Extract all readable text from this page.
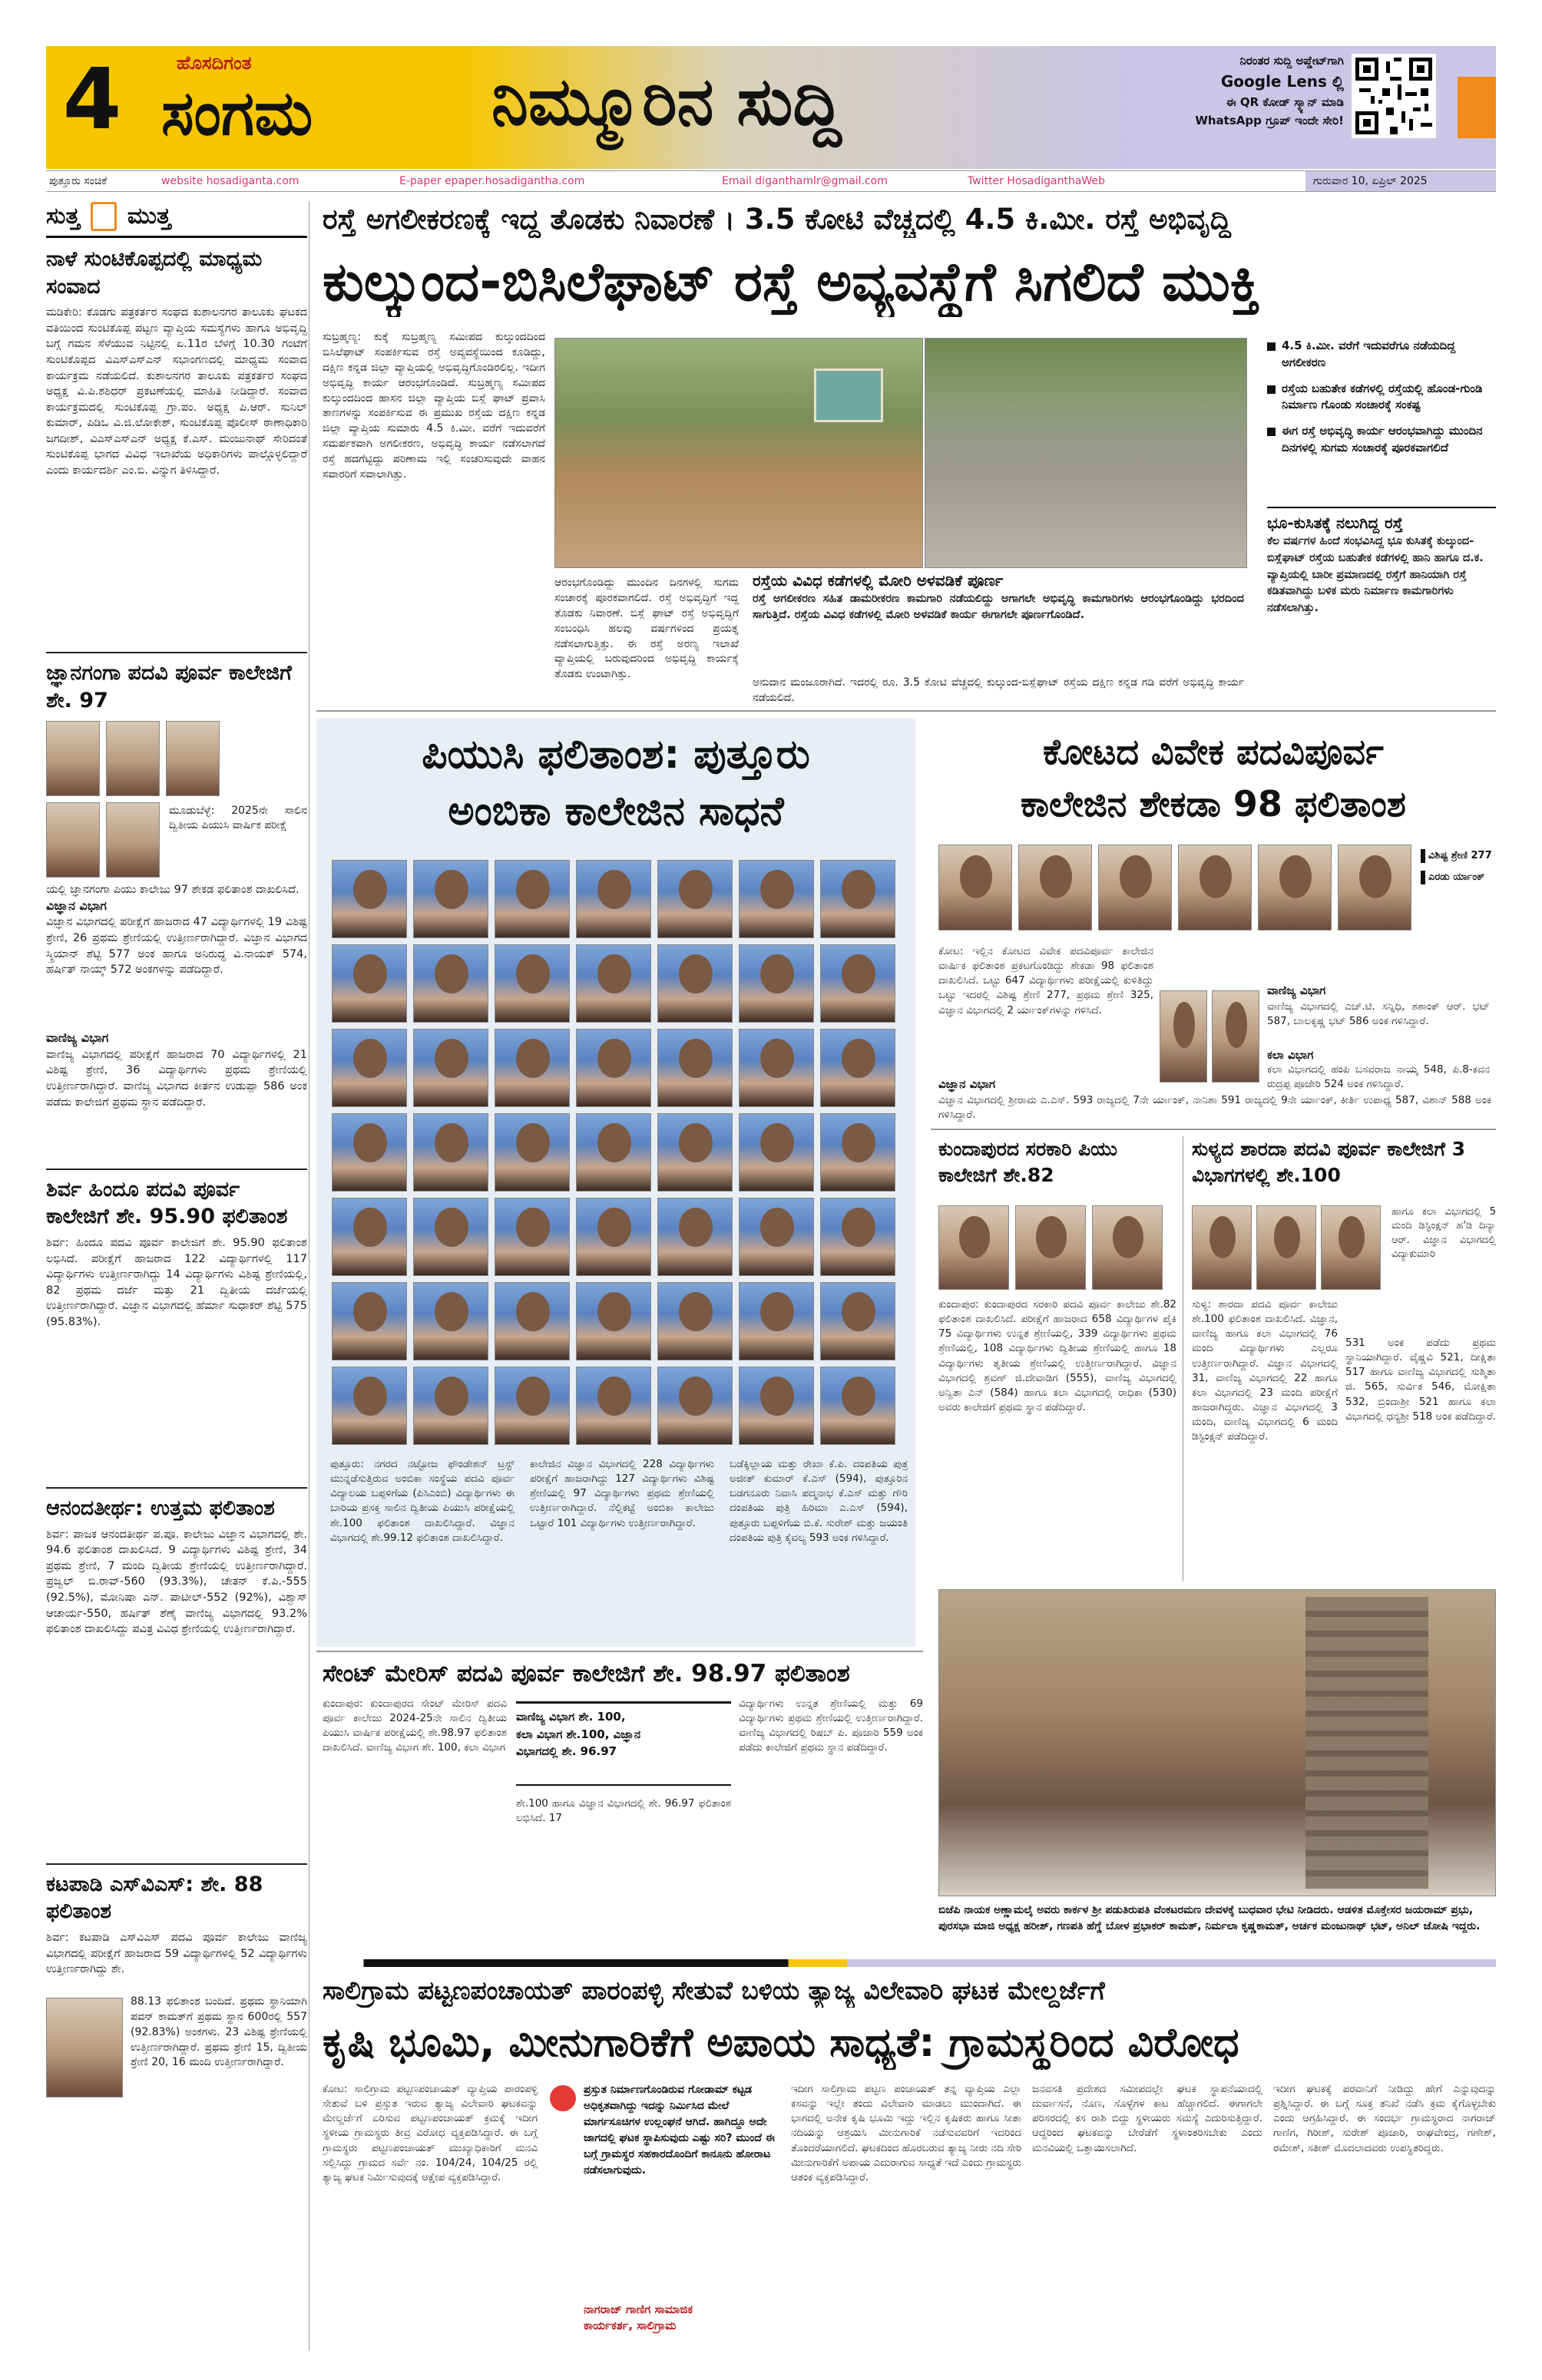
4	ಹೊಸದಿಗಂತ
ಸಂಗಮ	ನಿಮ್ಮೂರಿನ ಸುದ್ದಿ
ನಿರಂತರ ಸುದ್ದಿ ಅಪ್ಡೇಟ್‌ಗಾಗಿ
Google Lens ಲ್ಲಿ
ಈ QR ಕೋಡ್ ಸ್ಕ್ಯಾನ್ ಮಾಡಿ
WhatsApp ಗ್ರೂಪ್ ಇಂದೇ ಸೇರಿ!
ಪುತ್ತೂರು ಸಂಚಿಕೆ	website hosadiganta.com	E-paper epaper.hosadigantha.com	Email diganthamlr@gmail.com	Twitter HosadiganthaWeb	ಗುರುವಾರ 10, ಏಪ್ರಿಲ್ 2025
ಸುತ್ತ ಮುತ್ತ
ನಾಳೆ ಸುಂಟಿಕೊಪ್ಪದಲ್ಲಿ ಮಾಧ್ಯಮ ಸಂವಾದ
ಮಡಿಕೇರಿ: ಕೊಡಗು ಪತ್ರಕರ್ತರ ಸಂಘದ ಕುಶಾಲನಗರ ತಾಲೂಕು ಘಟಕದ ವತಿಯಿಂದ ಸುಂಟಿಕೊಪ್ಪ ಪಟ್ಟಣ ವ್ಯಾಪ್ತಿಯ ಸಮಸ್ಯೆಗಳು ಹಾಗೂ ಅಭಿವೃದ್ಧಿ ಬಗ್ಗೆ ಗಮನ ಸೆಳೆಯುವ ನಿಟ್ಟಿನಲ್ಲಿ ಏ.11ರ ಬೆಳಗ್ಗೆ 10.30 ಗಂಟೆಗೆ ಸುಂಟಿಕೊಪ್ಪದ ವಿಎಸ್‌ಎಸ್‌ಎನ್ ಸಭಾಂಗಣದಲ್ಲಿ ಮಾಧ್ಯಮ ಸಂವಾದ ಕಾರ್ಯಕ್ರಮ ನಡೆಯಲಿದೆ. ಕುಶಾಲನಗರ ತಾಲೂಕು ಪತ್ರಕರ್ತರ ಸಂಘದ ಅಧ್ಯಕ್ಷ ವಿ.ಪಿ.ಶಶಿಧರ್ ಪ್ರಕಟಣೆಯಲ್ಲಿ ಮಾಹಿತಿ ನೀಡಿದ್ದಾರೆ. ಸಂವಾದ ಕಾರ್ಯಕ್ರಮದಲ್ಲಿ ಸುಂಟಿಕೊಪ್ಪ ಗ್ರಾ.ಪಂ. ಅಧ್ಯಕ್ಷ ಪಿ.ಆರ್. ಸುನಿಲ್ ಕುಮಾರ್, ಪಿಡಿಒ ವಿ.ಜಿ.ಲೋಕೇಶ್, ಸುಂಟಿಕೊಪ್ಪ ಪೊಲೀಸ್ ಠಾಣಾಧಿಕಾರಿ ಜಗದೀಶ್, ವಿಎಸ್‌ಎಸ್‌ಎನ್ ಅಧ್ಯಕ್ಷ ಕೆ.ಎಸ್. ಮಂಜುನಾಥ್ ಸೇರಿದಂತೆ ಸುಂಟಿಕೊಪ್ಪ ಭಾಗದ ವಿವಿಧ ಇಲಾಖೆಯ ಅಧಿಕಾರಿಗಳು ಪಾಲ್ಗೊಳ್ಳಲಿದ್ದಾರೆ ಎಂದು ಕಾರ್ಯದರ್ಶಿ ಎಂ.ಬಿ. ವಿನ್ನುಗ ತಿಳಿಸಿದ್ದಾರೆ.
ಜ್ಞಾನಗಂಗಾ ಪದವಿ ಪೂರ್ವ ಕಾಲೇಜಿಗೆ ಶೇ. 97
ಮೂಡುಬೆಳ್ಳೆ: 2025ನೇ ಸಾಲಿನ ದ್ವಿತೀಯ ಪಿಯುಸಿ ವಾರ್ಷಿಕ ಪರೀಕ್ಷೆ
ಯಲ್ಲಿ ಜ್ಞಾನಗಂಗಾ ಪಿಯು ಕಾಲೇಜು 97 ಶೇಕಡ ಫಲಿತಾಂಶ ದಾಖಲಿಸಿದೆ.
ವಿಜ್ಞಾನ ವಿಭಾಗ
ವಿಜ್ಞಾನ ವಿಭಾಗದಲ್ಲಿ ಪರೀಕ್ಷೆಗೆ ಹಾಜರಾದ 47 ವಿದ್ಯಾರ್ಥಿಗಳಲ್ಲಿ 19 ವಿಶಿಷ್ಟ ಶ್ರೇಣಿ, 26 ಪ್ರಥಮ ಶ್ರೇಣಿಯಲ್ಲಿ ಉತ್ತೀರ್ಣರಾಗಿದ್ದಾರೆ. ವಿಜ್ಞಾನ ವಿಭಾಗದ ಸ್ಕ್ರಿಯಾನ್ ಶೆಟ್ಟಿ 577 ಅಂಕ ಹಾಗೂ ಅನಿರುದ್ಧ ವಿ.ನಾಯಕ್ 574, ಹರ್ಷಿತ್ ನಾಯ್ಕ್ 572 ಅಂಕಗಳನ್ನು ಪಡೆದಿದ್ದಾರೆ.
ವಾಣಿಜ್ಯ ವಿಭಾಗ
ವಾಣಿಜ್ಯ ವಿಭಾಗದಲ್ಲಿ ಪರೀಕ್ಷೆಗೆ ಹಾಜರಾದ 70 ವಿದ್ಯಾರ್ಥಿಗಳಲ್ಲಿ 21 ವಿಶಿಷ್ಟ ಶ್ರೇಣಿ, 36 ವಿದ್ಯಾರ್ಥಿಗಳು ಪ್ರಥಮ ಶ್ರೇಣಿಯಲ್ಲಿ ಉತ್ತೀರ್ಣರಾಗಿದ್ದಾರೆ. ವಾಣಿಜ್ಯ ವಿಭಾಗದ ಕೀರ್ತನ ಉಡುಪ್ಪಾ 586 ಅಂಕ ಪಡೆದು ಕಾಲೇಜಿಗೆ ಪ್ರಥಮ ಸ್ಥಾನ ಪಡೆದಿದ್ದಾರೆ.
ಶಿರ್ವ ಹಿಂದೂ ಪದವಿ ಪೂರ್ವ ಕಾಲೇಜಿಗೆ ಶೇ. 95.90 ಫಲಿತಾಂಶ
ಶಿರ್ವ: ಹಿಂದೂ ಪದವಿ ಪೂರ್ವ ಕಾಲೇಜಿಗೆ ಶೇ. 95.90 ಫಲಿತಾಂಶ ಲಭಿಸಿದೆ. ಪರೀಕ್ಷೆಗೆ ಹಾಜರಾದ 122 ವಿದ್ಯಾರ್ಥಿಗಳಲ್ಲಿ 117 ವಿದ್ಯಾರ್ಥಿಗಳು ಉತ್ತೀರ್ಣರಾಗಿದ್ದು 14 ವಿದ್ಯಾರ್ಥಿಗಳು ವಿಶಿಷ್ಟ ಶ್ರೇಣಿಯಲ್ಲಿ, 82 ಪ್ರಥಮ ದರ್ಜೆ ಮತ್ತು 21 ದ್ವಿತೀಯ ದರ್ಜೆಯಲ್ಲಿ ಉತ್ತೀರ್ಣರಾಗಿದ್ದಾರೆ. ವಿಜ್ಞಾನ ವಿಭಾಗದಲ್ಲಿ ಹೆರ್ಮಾ ಸುಧಾಕರ್ ಶೆಟ್ಟಿ 575 (95.83%).
ಆನಂದತೀರ್ಥ: ಉತ್ತಮ ಫಲಿತಾಂಶ
ಶಿರ್ವ: ಪಾಜಕ ಆನಂದತೀರ್ಥ ಪ.ಪೂ. ಕಾಲೇಜು ವಿಜ್ಞಾನ ವಿಭಾಗದಲ್ಲಿ ಶೇ. 94.6 ಫಲಿತಾಂಶ ದಾಖಲಿಸಿದೆ. 9 ವಿದ್ಯಾರ್ಥಿಗಳು ವಿಶಿಷ್ಟ ಶ್ರೇಣಿ, 34 ಪ್ರಥಮ ಶ್ರೇಣಿ, 7 ಮಂದಿ ದ್ವಿತೀಯ ಶ್ರೇಣಿಯಲ್ಲಿ ಉತ್ತೀರ್ಣರಾಗಿದ್ದಾರೆ. ಪ್ರಜ್ವಲ್ ಬಿ.ರಾವ್-560 (93.3%), ಚೇತನ್ ಕೆ.ಪಿ.-555 (92.5%), ಮೋನಿಷಾ ಎನ್. ಪಾಟೀಲ್-552 (92%), ವಿಶ್ವಾಸ್ ಆಚಾರ್ಯ-550, ಹರ್ಷಿತ್ ಶೆಣೈ ವಾಣಿಜ್ಯ ವಿಭಾಗದಲ್ಲಿ 93.2% ಫಲಿತಾಂಶ ದಾಖಲಿಸಿದ್ದು ಪವಿತ್ರ ವಿವಿಧ ಶ್ರೇಣಿಯಲ್ಲಿ ಉತ್ತೀರ್ಣರಾಗಿದ್ದಾರೆ.
ಕಟಪಾಡಿ ಎಸ್‌ವಿಎಸ್: ಶೇ. 88 ಫಲಿತಾಂಶ
ಶಿರ್ವ: ಕಟಪಾಡಿ ಎಸ್‌ವಿಎಸ್ ಪದವಿ ಪೂರ್ವ ಕಾಲೇಜು ವಾಣಿಜ್ಯ ವಿಭಾಗದಲ್ಲಿ ಪರೀಕ್ಷೆಗೆ ಹಾಜರಾದ 59 ವಿದ್ಯಾರ್ಥಿಗಳಲ್ಲಿ 52 ವಿದ್ಯಾರ್ಥಿಗಳು ಉತ್ತೀರ್ಣರಾಗಿದ್ದು ಶೇ.
88.13 ಫಲಿತಾಂಶ ಬಂದಿದೆ. ಪ್ರಥಮ ಸ್ಥಾನಿಯಾಗಿ ಪವನ್ ಕಾಮತ್‌ಗೆ ಪ್ರಥಮ ಸ್ಥಾನ 600ರಲ್ಲಿ 557 (92.83%) ಅಂಕಗಳು. 23 ವಿಶಿಷ್ಟ ಶ್ರೇಣಿಯಲ್ಲಿ ಉತ್ತೀರ್ಣರಾಗಿದ್ದಾರೆ. ಪ್ರಥಮ ಶ್ರೇಣಿ 15, ದ್ವಿತೀಯ ಶ್ರೇಣಿ 20, 16 ಮಂದಿ ಉತ್ತೀರ್ಣರಾಗಿದ್ದಾರೆ.
ರಸ್ತೆ ಅಗಲೀಕರಣಕ್ಕೆ ಇದ್ದ ತೊಡಕು ನಿವಾರಣೆ । 3.5 ಕೋಟಿ ವೆಚ್ಚದಲ್ಲಿ 4.5 ಕಿ.ಮೀ. ರಸ್ತೆ ಅಭಿವೃದ್ಧಿ
ಕುಲ್ಕುಂದ-ಬಿಸಿಲೆಘಾಟ್ ರಸ್ತೆ ಅವ್ಯವಸ್ಥೆಗೆ ಸಿಗಲಿದೆ ಮುಕ್ತಿ
ಸುಬ್ರಹ್ಮಣ್ಯ: ಕುಕ್ಕೆ ಸುಬ್ರಹ್ಮಣ್ಯ ಸಮೀಪದ ಕುಲ್ಕುಂದದಿಂದ ಬಿಸಿಲೆಘಾಟ್ ಸಂಪರ್ಕಿಸುವ ರಸ್ತೆ ಅವ್ಯವಸ್ಥೆಯಿಂದ ಕೂಡಿದ್ದು, ದಕ್ಷಿಣ ಕನ್ನಡ ಜಿಲ್ಲಾ ವ್ಯಾಪ್ತಿಯಲ್ಲಿ ಅಭಿವೃದ್ಧಿಗೊಂಡಿರಲಿಲ್ಲ. ಇದೀಗ ಅಭಿವೃದ್ಧಿ ಕಾರ್ಯ ಆರಂಭಗೊಂಡಿದೆ. ಸುಬ್ರಹ್ಮಣ್ಯ ಸಮೀಪದ ಕುಲ್ಕುಂದದಿಂದ ಹಾಸನ ಜಿಲ್ಲಾ ವ್ಯಾಪ್ತಿಯ ಬಿಸ್ಲೆ ಘಾಟ್ ಪ್ರವಾಸಿ ತಾಣಗಳನ್ನು ಸಂಪರ್ಕಿಸುವ ಈ ಪ್ರಮುಖ ರಸ್ತೆಯ ದಕ್ಷಿಣ ಕನ್ನಡ ಜಿಲ್ಲಾ ವ್ಯಾಪ್ತಿಯ ಸುಮಾರು 4.5 ಕಿ.ಮೀ. ವರೆಗೆ ಇದುವರೆಗೆ ಸಮರ್ಪಕವಾಗಿ ಅಗಲೀಕರಣ, ಅಭಿವೃದ್ಧಿ ಕಾರ್ಯ ನಡೆಸಲಾಗದೆ ರಸ್ತೆ ಹದಗೆಟ್ಟಿದ್ದು ಪರಿಣಾಮ ಇಲ್ಲಿ ಸಂಚರಿಸುವುದೇ ವಾಹನ ಸವಾರರಿಗೆ ಸವಾಲಾಗಿತ್ತು.
ಆರಂಭಗೊಂಡಿದ್ದು ಮುಂದಿನ ದಿನಗಳಲ್ಲಿ ಸುಗಮ ಸಂಚಾರಕ್ಕೆ ಪೂರಕವಾಗಲಿದೆ. ರಸ್ತೆ ಅಭಿವೃದ್ಧಿಗೆ ಇದ್ದ ತೊಡಕು ನಿವಾರಣೆ. ಬಿಸ್ಲೆ ಘಾಟ್ ರಸ್ತೆ ಅಭಿವೃದ್ಧಿಗೆ ಸಂಬಂಧಿಸಿ ಹಲವು ವರ್ಷಗಳಿಂದ ಪ್ರಯತ್ನ ನಡೆಸಲಾಗುತ್ತಿತ್ತು. ಈ ರಸ್ತೆ ಅರಣ್ಯ ಇಲಾಖೆ ವ್ಯಾಪ್ತಿಯಲ್ಲಿ ಬರುವುದರಿಂದ ಅಭಿವೃದ್ಧಿ ಕಾರ್ಯಕ್ಕೆ ತೊಡಕು ಉಂಟಾಗಿತ್ತು.
ರಸ್ತೆಯ ವಿವಿಧ ಕಡೆಗಳಲ್ಲಿ ಮೋರಿ ಅಳವಡಿಕೆ ಪೂರ್ಣ
ರಸ್ತೆ ಅಗಲೀಕರಣ ಸಹಿತ ಡಾಮರೀಕರಣ ಕಾಮಗಾರಿ ನಡೆಯಲಿದ್ದು ಅಗಾಗಲೇ ಅಭಿವೃದ್ಧಿ ಕಾಮಗಾರಿಗಳು ಆರಂಭಗೊಂಡಿದ್ದು ಭರದಿಂದ ಸಾಗುತ್ತಿದೆ. ರಸ್ತೆಯ ವಿವಿಧ ಕಡೆಗಳಲ್ಲಿ ಮೋರಿ ಅಳವಡಿಕೆ ಕಾರ್ಯ ಈಗಾಗಲೇ ಪೂರ್ಣಗೊಂಡಿದೆ.
ಅನುದಾನ ಮಂಜೂರಾಗಿದೆ. ಇದರಲ್ಲಿ ರೂ. 3.5 ಕೋಟಿ ವೆಚ್ಚದಲ್ಲಿ ಕುಲ್ಕುಂದ-ಬಿಸ್ಲೆಘಾಟ್ ರಸ್ತೆಯ ದಕ್ಷಿಣ ಕನ್ನಡ ಗಡಿ ವರೆಗೆ ಅಭಿವೃದ್ಧಿ ಕಾರ್ಯ ನಡೆಯಲಿದೆ.
4.5 ಕಿ.ಮೀ. ವರೆಗೆ ಇದುವರೆಗೂ ನಡೆಯದಿದ್ದ ಅಗಲೀಕರಣ
ರಸ್ತೆಯ ಬಹುತೇಕ ಕಡೆಗಳಲ್ಲಿ ರಸ್ತೆಯಲ್ಲಿ ಹೊಂಡ-ಗುಂಡಿ ನಿರ್ಮಾಣ ಗೊಂಡು ಸಂಚಾರಕ್ಕೆ ಸಂಕಷ್ಟ
ಈಗ ರಸ್ತೆ ಅಭಿವೃದ್ಧಿ ಕಾರ್ಯ ಆರಂಭವಾಗಿದ್ದು ಮುಂದಿನ ದಿನಗಳಲ್ಲಿ ಸುಗಮ ಸಂಚಾರಕ್ಕೆ ಪೂರಕವಾಗಲಿದೆ
ಭೂ-ಕುಸಿತಕ್ಕೆ ನಲುಗಿದ್ದ ರಸ್ತೆ
ಕೆಲ ವರ್ಷಗಳ ಹಿಂದೆ ಸಂಭವಿಸಿದ್ದ ಭೂ ಕುಸಿತಕ್ಕೆ ಕುಲ್ಕುಂದ-ಬಿಸ್ಲೆಘಾಟ್ ರಸ್ತೆಯ ಬಹುತೇಕ ಕಡೆಗಳಲ್ಲಿ ಹಾನಿ ಹಾಗೂ ದ.ಕ. ವ್ಯಾಪ್ತಿಯಲ್ಲಿ ಬಾರೀ ಪ್ರಮಾಣದಲ್ಲಿ ರಸ್ತೆಗೆ ಹಾನಿಯಾಗಿ ರಸ್ತೆ ಕಡಿತವಾಗಿದ್ದು ಬಳಿಕ ಮರು ನಿರ್ಮಾಣ ಕಾಮಗಾರಿಗಳು ನಡೆಸಲಾಗಿತ್ತು.
ಪಿಯುಸಿ ಫಲಿತಾಂಶ: ಪುತ್ತೂರು
ಅಂಬಿಕಾ ಕಾಲೇಜಿನ ಸಾಧನೆ
ಪುತ್ತೂರು: ನಗರದ ನಟ್ಟೋಜ ಫೌಂಡೇಶನ್ ಟ್ರಸ್ಟ್ ಮುನ್ನಡೆಸುತ್ತಿರುವ ಅಂಬಿಕಾ ಸಂಸ್ಥೆಯ ಪದವಿ ಪೂರ್ವ ವಿದ್ಯಾಲಯ ಬಪ್ಪಳಿಗೆಯ (ಪಿಸಿಎಂಬಿ) ವಿದ್ಯಾರ್ಥಿಗಳು ಈ ಬಾರಿಯ ಪ್ರಸಕ್ತ ಸಾಲಿನ ದ್ವಿತೀಯ ಪಿಯುಸಿ ಪರೀಕ್ಷೆಯಲ್ಲಿ ಶೇ.100 ಫಲಿತಾಂಶ ದಾಖಲಿಸಿದ್ದಾರೆ. ವಿಜ್ಞಾನ ವಿಭಾಗದಲ್ಲಿ ಶೇ.99.12 ಫಲಿತಾಂಶ ದಾಖಲಿಸಿದ್ದಾರೆ.
ಕಾಲೇಜಿನ ವಿಜ್ಞಾನ ವಿಭಾಗದಲ್ಲಿ 228 ವಿದ್ಯಾರ್ಥಿಗಳು ಪರೀಕ್ಷೆಗೆ ಹಾಜರಾಗಿದ್ದು 127 ವಿದ್ಯಾರ್ಥಿಗಳು ವಿಶಿಷ್ಟ ಶ್ರೇಣಿಯಲ್ಲಿ 97 ವಿದ್ಯಾರ್ಥಿಗಳು ಪ್ರಥಮ ಶ್ರೇಣಿಯಲ್ಲಿ ಉತ್ತೀರ್ಣರಾಗಿದ್ದಾರೆ. ನೆಲ್ಲಿಕಟ್ಟೆ ಅಂಬಿಕಾ ಕಾಲೇಜು ಒಟ್ಟಾರೆ 101 ವಿದ್ಯಾರ್ಥಿಗಳು ಉತ್ತೀರ್ಣರಾಗಿದ್ದಾರೆ.
ಬಡೆಕ್ಕಿಲ್ಲಾಯ ಮತ್ತು ರೇಖಾ ಕೆ.ಪಿ. ದಂಪತಿಯ ಪುತ್ರ ಅಜೀತ್ ಕುಮಾರ್ ಕೆ.ಎಸ್ (594), ಪುತ್ತೂರಿನ ಬಡಗನೂರು ನಿವಾಸಿ ಪದ್ಮನಾಭ ಕೆ.ಎಸ್ ಮತ್ತು ಗೌರಿ ದಂಪತಿಯ ಪುತ್ರಿ ಹಿರಿಮಾ ಎ.ಎಸ್ (594), ಪುತ್ತೂರು ಬಪ್ಪಳಿಗೆಯ ಬಿ.ಕೆ. ಸುರೇಶ್ ಮತ್ತು ಜಯಂತಿ ದಂಪತಿಯ ಪುತ್ರಿ ಕೈವಲ್ಯ 593 ಅಂಕ ಗಳಿಸಿದ್ದಾರೆ.
ಕೋಟದ ವಿವೇಕ ಪದವಿಪೂರ್ವ
ಕಾಲೇಜಿನ ಶೇಕಡಾ 98 ಫಲಿತಾಂಶ
ವಿಶಿಷ್ಟ ಶ್ರೇಣಿ 277
ಎರಡು ರ್ಯಾಂಕ್
ಕೋಟ: ಇಲ್ಲಿನ ಕೋಟದ ವಿವೇಕ ಪದವಿಪೂರ್ವ ಕಾಲೇಜಿನ ವಾರ್ಷಿಕ ಫಲಿತಾಂಶ ಪ್ರಕಟಗೊಂಡಿದ್ದು ಶೇಕಡಾ 98 ಫಲಿತಾಂಶ ದಾಖಲಿಸಿದೆ. ಒಟ್ಟು 647 ವಿದ್ಯಾರ್ಥಿಗಳು ಪರೀಕ್ಷೆಯಲ್ಲಿ ಕುಳಿತಿದ್ದು ಒಟ್ಟು ಇದರಲ್ಲಿ ವಿಶಿಷ್ಟ ಶ್ರೇಣಿ 277, ಪ್ರಥಮ ಶ್ರೇಣಿ 325, ವಿಜ್ಞಾನ ವಿಭಾಗದಲ್ಲಿ 2 ರ್ಯಾಂಕ್‌ಗಳನ್ನು ಗಳಿಸಿದೆ.
ವಿಜ್ಞಾನ ವಿಭಾಗ
ವಿಜ್ಞಾನ ವಿಭಾಗದಲ್ಲಿ ಶ್ರೀರಾಮ ಎ.ಎಸ್. 593 ರಾಜ್ಯದಲ್ಲಿ 7ನೇ ರ್ಯಾಂಕ್, ನಾನಿಶಾ 591 ರಾಜ್ಯದಲ್ಲಿ 9ನೇ ರ್ಯಾಂಕ್, ಕೀರ್ತಿ ಉಪಾಧ್ಯ 587, ವಿಶಾನ್ 588 ಅಂಕ ಗಳಿಸಿದ್ದಾರೆ.
ವಾಣಿಜ್ಯ ವಿಭಾಗ
ವಾಣಿಜ್ಯ ವಿಭಾಗದಲ್ಲಿ ಎಚ್.ಟಿ. ಸನ್ನಿಧಿ, ಶಶಾಂಕ್ ಆರ್. ಭಟ್ 587, ಬಾಲಕೃಷ್ಣ ಭಟ್ 586 ಅಂಕ ಗಳಿಸಿದ್ದಾರೆ.
ಕಲಾ ವಿಭಾಗ
ಕಲಾ ವಿಭಾಗದಲ್ಲಿ ಹಂಪಿ ಬಸವರಾಜ ನಾಯ್ಕ 548, ಪಿ.8-ಕವನ ರುದ್ರಪ್ಪ ಪೂಜೇರಿ 524 ಅಂಕ ಗಳಿಸಿದ್ದಾರೆ.
ಕುಂದಾಪುರದ ಸರಕಾರಿ ಪಿಯು ಕಾಲೇಜಿಗೆ ಶೇ.82
ಕುಂದಾಪುರ: ಕುಂದಾಪುರದ ಸರಕಾರಿ ಪದವಿ ಪೂರ್ವ ಕಾಲೇಜು ಶೇ.82 ಫಲಿತಾಂಶ ದಾಖಲಿಸಿದೆ. ಪರೀಕ್ಷೆಗೆ ಹಾಜರಾದ 658 ವಿದ್ಯಾರ್ಥಿಗಳ ಪೈಕಿ 75 ವಿದ್ಯಾರ್ಥಿಗಳು ಉನ್ನತ ಶ್ರೇಣಿಯಲ್ಲಿ, 339 ವಿದ್ಯಾರ್ಥಿಗಳು ಪ್ರಥಮ ಶ್ರೇಣಿಯಲ್ಲಿ, 108 ವಿದ್ಯಾರ್ಥಿಗಳು ದ್ವಿತೀಯ ಶ್ರೇಣಿಯಲ್ಲಿ ಹಾಗೂ 18 ವಿದ್ಯಾರ್ಥಿಗಳು ತೃತೀಯ ಶ್ರೇಣಿಯಲ್ಲಿ ಉತ್ತೀರ್ಣರಾಗಿದ್ದಾರೆ. ವಿಜ್ಞಾನ ವಿಭಾಗದಲ್ಲಿ ಶ್ರವಣ್ ಜಿ.ದೇವಾಡಿಗ (555), ವಾಣಿಜ್ಯ ವಿಭಾಗದಲ್ಲಿ ಅನ್ವಿತಾ ಎನ್ (584) ಹಾಗೂ ಕಲಾ ವಿಭಾಗದಲ್ಲಿ ರಾಧಿಕಾ (530) ಅವರು ಕಾಲೇಜಿಗೆ ಪ್ರಥಮ ಸ್ಥಾನ ಪಡೆದಿದ್ದಾರೆ.
ಸುಳ್ಯದ ಶಾರದಾ ಪದವಿ ಪೂರ್ವ ಕಾಲೇಜಿಗೆ 3 ವಿಭಾಗಗಳಲ್ಲಿ ಶೇ.100
ಹಾಗೂ ಕಲಾ ವಿಭಾಗದಲ್ಲಿ 5 ಮಂದಿ ಡಿಸ್ಟಿಂಕ್ಷನ್ ಹ'ಡಿ ದಿನ್ಯಾ ಆರ್. ವಿಜ್ಞಾನ ವಿಭಾಗದಲ್ಲಿ ವಿದ್ಯಾಕುಮಾರಿ
ಸುಳ್ಯ: ಶಾರದಾ ಪದವಿ ಪೂರ್ವ ಕಾಲೇಜು ಶೇ.100 ಫಲಿತಾಂಶ ದಾಖಲಿಸಿದೆ. ವಿಜ್ಞಾನ, ವಾಣಿಜ್ಯ ಹಾಗೂ ಕಲಾ ವಿಭಾಗದಲ್ಲಿ 76 ಮಂದಿ ವಿದ್ಯಾರ್ಥಿಗಳು ಎಲ್ಲರೂ ಉತ್ತೀರ್ಣರಾಗಿದ್ದಾರೆ. ವಿಜ್ಞಾನ ವಿಭಾಗದಲ್ಲಿ 31, ವಾಣಿಜ್ಯ ವಿಭಾಗದಲ್ಲಿ 22 ಹಾಗೂ ಕಲಾ ವಿಭಾಗದಲ್ಲಿ 23 ಮಂದಿ ಪರೀಕ್ಷೆಗೆ ಹಾಜರಾಗಿದ್ದರು. ವಿಜ್ಞಾನ ವಿಭಾಗದಲ್ಲಿ 3 ಮಂದಿ, ವಾಣಿಜ್ಯ ವಿಭಾಗದಲ್ಲಿ 6 ಮಂದಿ ಡಿಸ್ಟಿಂಕ್ಷನ್ ಪಡೆದಿದ್ದಾರೆ.
531 ಅಂಕ ಪಡೆದು ಪ್ರಥಮ ಸ್ಥಾನಿಯಾಗಿದ್ದಾರೆ. ವೈಷ್ಣವಿ 521, ದೀಕ್ಷಿತಾ 517 ಹಾಗೂ ವಾಣಿಜ್ಯ ವಿಭಾಗದಲ್ಲಿ ಸುಶ್ಮಿತಾ ಜಿ. 565, ಸುರ್ವಿಕ 546, ಮೋಕ್ಷಿತಾ 532, ಬ್ರಿಂದಾಶ್ರೀ 521 ಹಾಗೂ ಕಲಾ ವಿಭಾಗದಲ್ಲಿ ಧನ್ಯಶ್ರೀ 518 ಅಂಕ ಪಡೆದಿದ್ದಾರೆ.
ಬಿಜೆಪಿ ನಾಯಕ ಅಣ್ಣಾಮಲೈ ಅವರು ಕಾರ್ಕಳ ಶ್ರೀ ಪಡುತಿರುಪತಿ ವೆಂಕಟರಮಣ ದೇವಳಕ್ಕೆ ಬುಧವಾರ ಭೇಟಿ ನೀಡಿದರು. ಆಡಳಿತ ಮೊಕ್ತೇಸರ ಜಯರಾಮ್ ಪ್ರಭು, ಪುರಸಭಾ ಮಾಜಿ ಅಧ್ಯಕ್ಷ ಹರೀಶ್, ಗಣಪತಿ ಹೆಗ್ಡೆ ಬೋಳ ಪ್ರಭಾಕರ್ ಕಾಮತ್, ನಿರ್ಮಲಾ ಕೃಷ್ಣಕಾಮತ್, ಅರ್ಚಕ ಮಂಜುನಾಥ್ ಭಟ್, ಅನಿಲ್ ಜೋಷಿ ಇದ್ದರು.
ಸೇಂಟ್ ಮೇರಿಸ್ ಪದವಿ ಪೂರ್ವ ಕಾಲೇಜಿಗೆ ಶೇ. 98.97 ಫಲಿತಾಂಶ
ಕುಂದಾಪುರ: ಕುಂದಾಪುರದ ಸೇಂಟ್ ಮೇರಿಸ್ ಪದವಿ ಪೂರ್ವ ಕಾಲೇಜು 2024-25ನೇ ಸಾಲಿನ ದ್ವಿತೀಯ ಪಿಯುಸಿ ವಾರ್ಷಿಕ ಪರೀಕ್ಷೆಯಲ್ಲಿ ಶೇ.98.97 ಫಲಿತಾಂಶ ದಾಖಲಿಸಿದೆ. ವಾಣಿಜ್ಯ ವಿಭಾಗ ಶೇ. 100, ಕಲಾ ವಿಭಾಗ
ವಾಣಿಜ್ಯ ವಿಭಾಗ ಶೇ. 100,
ಕಲಾ ವಿಭಾಗ ಶೇ.100, ವಿಜ್ಞಾನ
ವಿಭಾಗದಲ್ಲಿ ಶೇ. 96.97
ಶೇ.100 ಹಾಗೂ ವಿಜ್ಞಾನ ವಿಭಾಗದಲ್ಲಿ ಶೇ. 96.97 ಫಲಿತಾಂಶ ಲಭಿಸಿದೆ. 17
ವಿದ್ಯಾರ್ಥಿಗಳು ಉನ್ನತ ಶ್ರೇಣಿಯಲ್ಲಿ ಮತ್ತು 69 ವಿದ್ಯಾರ್ಥಿಗಳು ಪ್ರಥಮ ಶ್ರೇಣಿಯಲ್ಲಿ ಉತ್ತೀರ್ಣರಾಗಿದ್ದಾರೆ. ವಾಣಿಜ್ಯ ವಿಭಾಗದಲ್ಲಿ ರಿಷಬ್ ಪಿ. ಪೂಜಾರಿ 559 ಅಂಕ ಪಡೆದು ಕಾಲೇಜಿಗೆ ಪ್ರಥಮ ಸ್ಥಾನ ಪಡೆದಿದ್ದಾರೆ.
ಸಾಲಿಗ್ರಾಮ ಪಟ್ಟಣಪಂಚಾಯತ್ ಪಾರಂಪಳ್ಳಿ ಸೇತುವೆ ಬಳಿಯ ತ್ಯಾಜ್ಯ ವಿಲೇವಾರಿ ಘಟಕ ಮೇಲ್ದರ್ಜೆಗೆ
ಕೃಷಿ ಭೂಮಿ, ಮೀನುಗಾರಿಕೆಗೆ ಅಪಾಯ ಸಾಧ್ಯತೆ: ಗ್ರಾಮಸ್ಥರಿಂದ ವಿರೋಧ
ಕೋಟ: ಸಾಲಿಗ್ರಾಮ ಪಟ್ಟಣಪಂಚಾಯತ್ ವ್ಯಾಪ್ತಿಯ ಪಾರಂಪಳ್ಳಿ ಸೇತುವೆ ಬಳಿ ಪ್ರಸ್ತುತ ಇರುವ ತ್ಯಾಜ್ಯ ವಿಲೇವಾರಿ ಘಟಕವನ್ನು ಮೇಲ್ದರ್ಜೆಗೆ ಏರಿಸುವ ಪಟ್ಟಣಪಂಚಾಯತ್ ಕ್ರಮಕ್ಕೆ ಇದೀಗ ಸ್ಥಳೀಯ ಗ್ರಾಮಸ್ಥರು ತೀವ್ರ ವಿರೋಧ ವ್ಯಕ್ತಪಡಿಸಿದ್ದಾರೆ. ಈ ಬಗ್ಗೆ ಗ್ರಾಮಸ್ಥರು ಪಟ್ಟಣಪಂಚಾಯತ್ ಮುಖ್ಯಾಧಿಕಾರಿಗೆ ಮನವಿ ಸಲ್ಲಿಸಿದ್ದು ಗ್ರಾಮದ ಸರ್ವೆ ನಂ. 104/24, 104/25 ರಲ್ಲಿ ತ್ಯಾಜ್ಯ ಘಟಕ ನಿರ್ಮಿಸುವುದಕ್ಕೆ ಆಕ್ಷೇಪ ವ್ಯಕ್ತಪಡಿಸಿದ್ದಾರೆ.
ಪ್ರಸ್ತುತ ನಿರ್ಮಾಣಗೊಂಡಿರುವ ಗೋಡಾಮ್ ಕಟ್ಟಡ ಅಧಿಕೃತವಾಗಿದ್ದು ಇದನ್ನು ನಿರ್ಮಿಸಿದ ಮೇಲೆ ಮಾರ್ಗಸೂಚಿಗಳ ಉಲ್ಲಂಘನೆ ಆಗಿದೆ. ಹಾಗಿದ್ದೂ ಅದೇ ಜಾಗದಲ್ಲಿ ಘಟಕ ಸ್ಥಾಪಿಸುವುದು ಎಷ್ಟು ಸರಿ? ಮುಂದೆ ಈ ಬಗ್ಗೆ ಗ್ರಾಮಸ್ಥರ ಸಹಕಾರದೊಂದಿಗೆ ಕಾನೂನು ಹೋರಾಟ ನಡೆಸಲಾಗುವುದು.
ನಾಗರಾಜ್ ಗಾಣಿಗ ಸಾಮಾಜಿಕ
ಕಾರ್ಯಕರ್ತ, ಸಾಲಿಗ್ರಾಮ
ಇದೀಗ ಸಾಲಿಗ್ರಾಮ ಪಟ್ಟಣ ಪಂಚಾಯತ್ ತನ್ನ ವ್ಯಾಪ್ತಿಯ ಎಲ್ಲಾ ಕಸವನ್ನು ಇಲ್ಲೇ ತಂದು ವಿಲೇವಾರಿ ಮಾಡಲು ಮುಂದಾಗಿದೆ. ಈ ಭಾಗದಲ್ಲಿ ಅನೇಕ ಕೃಷಿ ಭೂಮಿ ಇದ್ದು ಇಲ್ಲಿನ ಕೃಷಿಕರು ಹಾಗೂ ಸೀತಾ ನದಿಯನ್ನು ಆಶ್ರಯಿಸಿ ಮೀನುಗಾರಿಕೆ ನಡೆಸುವವರಿಗೆ ಇದರಿಂದ ತೊಂದರೆಯಾಗಲಿದೆ. ಘಟಕದಿಂದ ಹೊರಬರುವ ತ್ಯಾಜ್ಯ ನೀರು ನದಿ ಸೇರಿ ಮೀನುಗಾರಿಕೆಗೆ ಅಪಾಯ ಎದುರಾಗುವ ಸಾಧ್ಯತೆ ಇದೆ ಎಂದು ಗ್ರಾಮಸ್ಥರು ಆತಂಕ ವ್ಯಕ್ತಪಡಿಸಿದ್ದಾರೆ.
ಜನವಸತಿ ಪ್ರದೇಶದ ಸಮೀಪದಲ್ಲೇ ಘಟಕ ಸ್ಥಾಪನೆಯಾದಲ್ಲಿ ದುರ್ವಾಸನೆ, ನೊಣ, ಸೊಳ್ಳೆಗಳ ಕಾಟ ಹೆಚ್ಚಾಗಲಿದೆ. ಈಗಾಗಲೇ ಪರಿಸರದಲ್ಲಿ ಕಸ ರಾಶಿ ಬಿದ್ದು ಸ್ಥಳೀಯರು ಸಮಸ್ಯೆ ಎದುರಿಸುತ್ತಿದ್ದಾರೆ. ಆದ್ದರಿಂದ ಘಟಕವನ್ನು ಬೇರೆಡೆಗೆ ಸ್ಥಳಾಂತರಿಸಬೇಕು ಎಂದು ಮನವಿಯಲ್ಲಿ ಒತ್ತಾಯಿಸಲಾಗಿದೆ.
ಇದೀಗ ಘಟಕಕ್ಕೆ ಪರವಾನಿಗೆ ನೀಡಿದ್ದು ಹೇಗೆ ಎನ್ನುವುದನ್ನು ಪ್ರಶ್ನಿಸಿದ್ದಾರೆ. ಈ ಬಗ್ಗೆ ಸೂಕ್ತ ತನಿಖೆ ನಡೆಸಿ ಕ್ರಮ ಕೈಗೊಳ್ಳಬೇಕು ಎಂದು ಆಗ್ರಹಿಸಿದ್ದಾರೆ. ಈ ಸಂದರ್ಭ ಗ್ರಾಮಸ್ಥರಾದ ನಾಗರಾಜ್ ಗಾಣಿಗ, ಗಿರೀಶ್, ಸುರೇಶ್ ಪೂಜಾರಿ, ರಾಘವೇಂದ್ರ, ಗಣೇಶ್, ರಮೇಶ್, ಸತೀಶ್ ಮೊದಲಾದವರು ಉಪಸ್ಥಿತರಿದ್ದರು.
